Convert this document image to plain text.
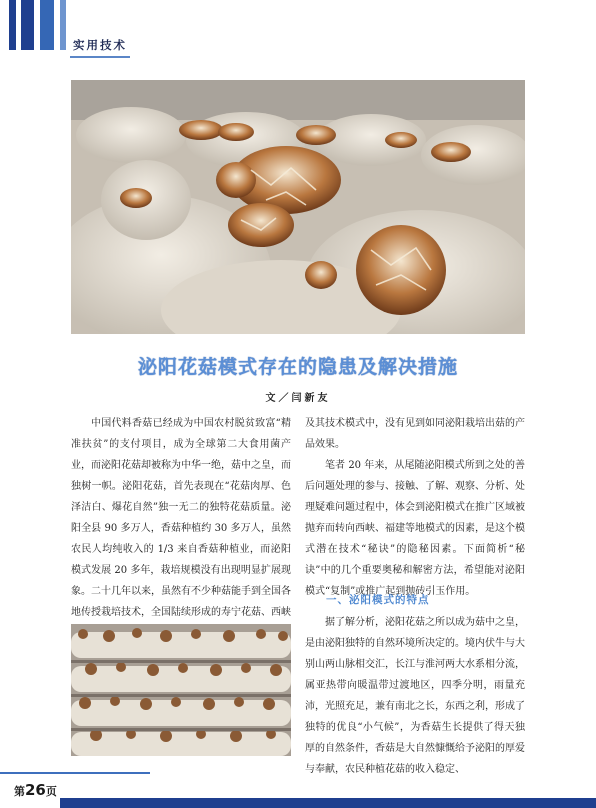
实用技术
泌阳花菇模式存在的隐患及解决措施
文／闫新友

中国代料香菇已经成为中国农村脱贫致富“精准扶贫”的支付项目，成为全球第二大食用菌产业，而泌阳花菇却被称为中华一绝，菇中之皇，而独树一帜。泌阳花菇，首先表现在“花菇肉厚、色泽洁白、爆花自然”独一无二的独特花菇质量。泌阳全县 90 多万人，香菇种植约 30 多万人，虽然农民人均纯收入的 1/3 来自香菇种植业，而泌阳模式发展 20 多年，栽培规模没有出现明显扩展现象。二十几年以来，虽然有不少种菇能手到全国各地传授栽培技术，全国陆续形成的寿宁花菇、西峡

及其技术模式中，没有见到如同泌阳栽培出菇的产品效果。

笔者 20 年来，从尾随泌阳模式所到之处的善后问题处理的参与、接触、了解、观察、分析、处理疑难问题过程中，体会到泌阳模式在推广区域被抛弃而转向西峡、福建等地模式的因素，是这个模式潜在技术“秘诀”的隐秘因素。下面简析“秘诀”中的几个重要奥秘和解密方法，希望能对泌阳模式“复制”或推广起到抛砖引玉作用。

一、泌阳模式的特点

据了解分析，泌阳花菇之所以成为菇中之皇，是由泌阳独特的自然环境所决定的。境内伏牛与大别山两山脉相交汇，长江与淮河两大水系相分流，属亚热带向暖温带过渡地区，四季分明，雨量充沛，光照充足，兼有南北之长，东西之利，形成了独特的优良“小气候”，为香菇生长提供了得天独厚的自然条件，香菇是大自然慷慨给予泌阳的厚爱与奉献，农民种植花菇的收入稳定、

第26页
